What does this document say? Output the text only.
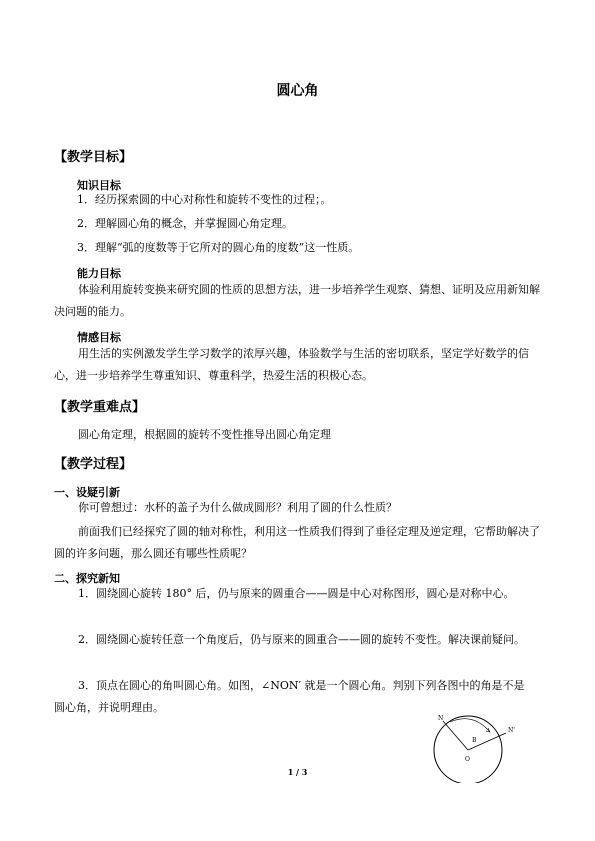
圆心角
【教学目标】
知识目标
1．经历探索圆的中心对称性和旋转不变性的过程；。
2．理解圆心角的概念，并掌握圆心角定理。
3．理解“弧的度数等于它所对的圆心角的度数”这一性质。
能力目标
体验利用旋转变换来研究圆的性质的思想方法，进一步培养学生观察、猜想、证明及应用新知解决问题的能力。
情感目标
用生活的实例激发学生学习数学的浓厚兴趣，体验数学与生活的密切联系，坚定学好数学的信心，进一步培养学生尊重知识、尊重科学，热爱生活的积极心态。
【教学重难点】
圆心角定理，根据圆的旋转不变性推导出圆心角定理
【教学过程】
一、设疑引新
你可曾想过：水杯的盖子为什么做成圆形？利用了圆的什么性质？
前面我们已经探究了圆的轴对称性，利用这一性质我们得到了垂径定理及逆定理，它帮助解决了圆的许多问题，那么圆还有哪些性质呢？
二、探究新知
1．圆绕圆心旋转 180° 后，仍与原来的圆重合——圆是中心对称图形，圆心是对称中心。
2．圆绕圆心旋转任意一个角度后，仍与原来的圆重合——圆的旋转不变性。解决课前疑问。
3．顶点在圆心的角叫圆心角。如图，∠NON′ 就是一个圆心角。判别下列各图中的角是不是圆心角，并说明理由。
N
N'
B
O
1 / 3
